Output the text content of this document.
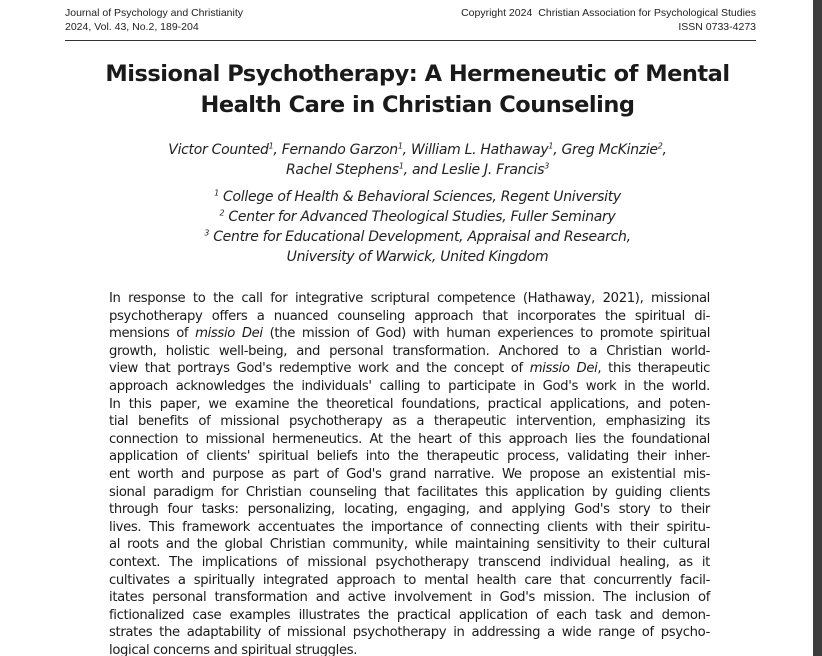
Journal of Psychology and Christianity
2024, Vol. 43, No.2, 189-204
Copyright 2024 Christian Association for Psychological Studies
ISSN 0733-4273
Missional Psychotherapy: A Hermeneutic of Mental
Health Care in Christian Counseling
Victor Counted$^1$, Fernando Garzon$^1$, William L. Hathaway$^1$, Greg McKinzie$^2$,
Rachel Stephens$^1$, and Leslie J. Francis$^3$
$^1$ College of Health & Behavioral Sciences, Regent University
$^2$ Center for Advanced Theological Studies, Fuller Seminary
$^3$ Centre for Educational Development, Appraisal and Research,
University of Warwick, United Kingdom
In response to the call for integrative scriptural competence (Hathaway, 2021), missional
psychotherapy offers a nuanced counseling approach that incorporates the spiritual di-
mensions of missio Dei (the mission of God) with human experiences to promote spiritual
growth, holistic well-being, and personal transformation. Anchored to a Christian world-
view that portrays God's redemptive work and the concept of missio Dei, this therapeutic
approach acknowledges the individuals' calling to participate in God's work in the world.
In this paper, we examine the theoretical foundations, practical applications, and poten-
tial benefits of missional psychotherapy as a therapeutic intervention, emphasizing its
connection to missional hermeneutics. At the heart of this approach lies the foundational
application of clients' spiritual beliefs into the therapeutic process, validating their inher-
ent worth and purpose as part of God's grand narrative. We propose an existential mis-
sional paradigm for Christian counseling that facilitates this application by guiding clients
through four tasks: personalizing, locating, engaging, and applying God's story to their
lives. This framework accentuates the importance of connecting clients with their spiritu-
al roots and the global Christian community, while maintaining sensitivity to their cultural
context. The implications of missional psychotherapy transcend individual healing, as it
cultivates a spiritually integrated approach to mental health care that concurrently facil-
itates personal transformation and active involvement in God's mission. The inclusion of
fictionalized case examples illustrates the practical application of each task and demon-
strates the adaptability of missional psychotherapy in addressing a wide range of psycho-
logical concerns and spiritual struggles.
